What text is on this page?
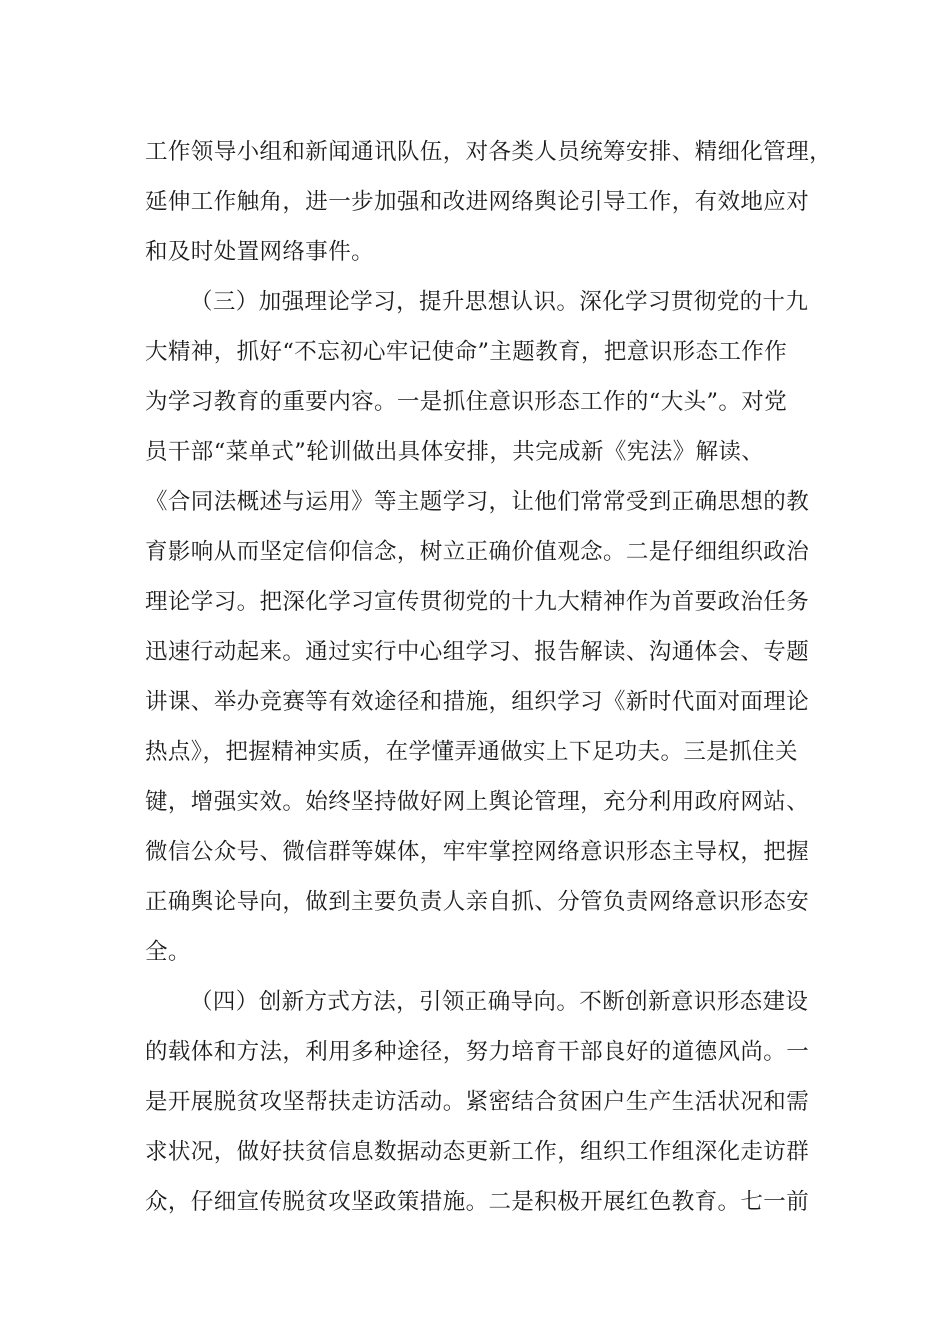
工作领导小组和新闻通讯队伍，对各类人员统筹安排、精细化管理，
延伸工作触角，进一步加强和改进网络舆论引导工作，有效地应对
和及时处置网络事件。
（三）加强理论学习，提升思想认识。深化学习贯彻党的十九
大精神，抓好“不忘初心牢记使命”主题教育，把意识形态工作作
为学习教育的重要内容。一是抓住意识形态工作的“大头”。对党
员干部“菜单式”轮训做出具体安排，共完成新《宪法》解读、
《合同法概述与运用》等主题学习，让他们常常受到正确思想的教
育影响从而坚定信仰信念，树立正确价值观念。二是仔细组织政治
理论学习。把深化学习宣传贯彻党的十九大精神作为首要政治任务
迅速行动起来。通过实行中心组学习、报告解读、沟通体会、专题
讲课、举办竞赛等有效途径和措施，组织学习《新时代面对面理论
热点》，把握精神实质，在学懂弄通做实上下足功夫。三是抓住关
键，增强实效。始终坚持做好网上舆论管理，充分利用政府网站、
微信公众号、微信群等媒体，牢牢掌控网络意识形态主导权，把握
正确舆论导向，做到主要负责人亲自抓、分管负责网络意识形态安
全。
（四）创新方式方法，引领正确导向。不断创新意识形态建设
的载体和方法，利用多种途径，努力培育干部良好的道德风尚。一
是开展脱贫攻坚帮扶走访活动。紧密结合贫困户生产生活状况和需
求状况，做好扶贫信息数据动态更新工作，组织工作组深化走访群
众，仔细宣传脱贫攻坚政策措施。二是积极开展红色教育。七一前
